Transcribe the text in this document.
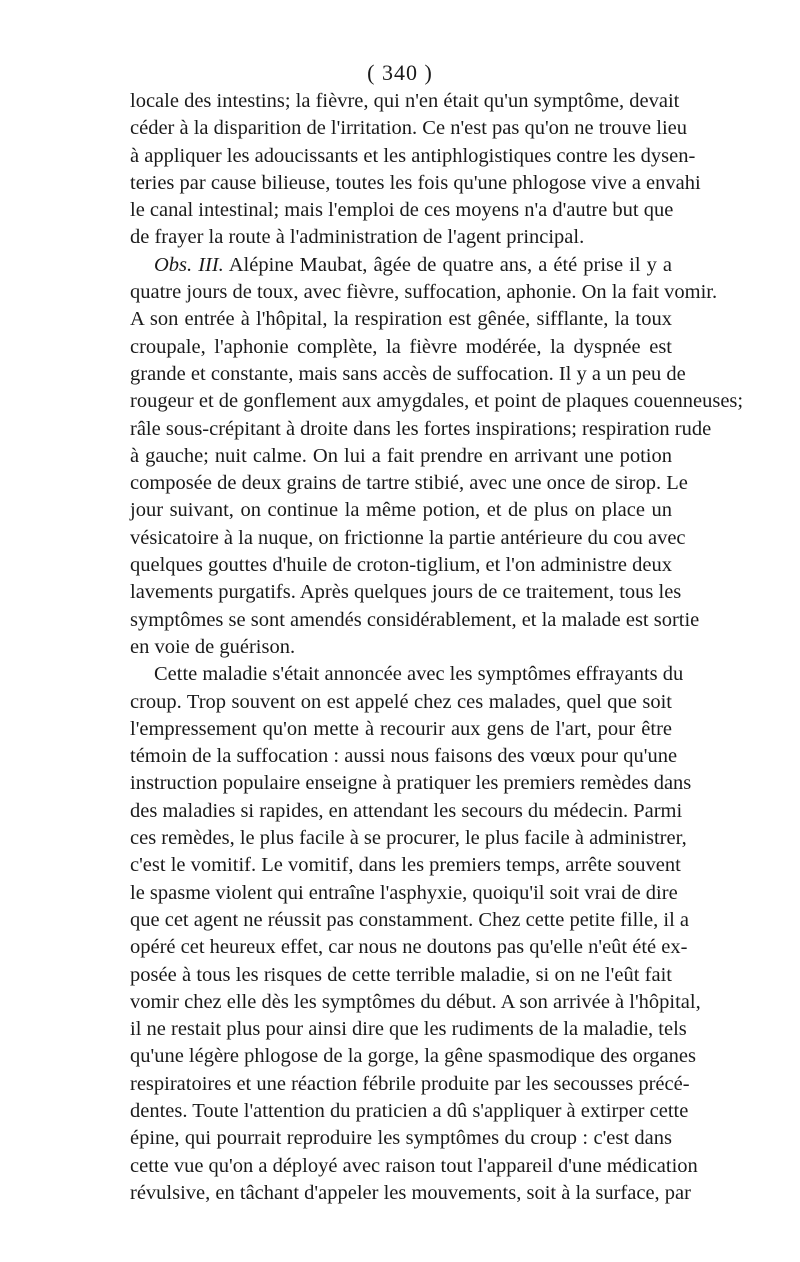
( 340 )
locale des intestins; la fièvre, qui n'en était qu'un symptôme, devait
céder à la disparition de l'irritation. Ce n'est pas qu'on ne trouve lieu
à appliquer les adoucissants et les antiphlogistiques contre les dysen-
teries par cause bilieuse, toutes les fois qu'une phlogose vive a envahi
le canal intestinal; mais l'emploi de ces moyens n'a d'autre but que
de frayer la route à l'administration de l'agent principal.
Obs. III. Alépine Maubat, âgée de quatre ans, a été prise il y a
quatre jours de toux, avec fièvre, suffocation, aphonie. On la fait vomir.
A son entrée à l'hôpital, la respiration est gênée, sifflante, la toux
croupale, l'aphonie complète, la fièvre modérée, la dyspnée est
grande et constante, mais sans accès de suffocation. Il y a un peu de
rougeur et de gonflement aux amygdales, et point de plaques couenneuses;
râle sous-crépitant à droite dans les fortes inspirations; respiration rude
à gauche; nuit calme. On lui a fait prendre en arrivant une potion
composée de deux grains de tartre stibié, avec une once de sirop. Le
jour suivant, on continue la même potion, et de plus on place un
vésicatoire à la nuque, on frictionne la partie antérieure du cou avec
quelques gouttes d'huile de croton-tiglium, et l'on administre deux
lavements purgatifs. Après quelques jours de ce traitement, tous les
symptômes se sont amendés considérablement, et la malade est sortie
en voie de guérison.
Cette maladie s'était annoncée avec les symptômes effrayants du
croup. Trop souvent on est appelé chez ces malades, quel que soit
l'empressement qu'on mette à recourir aux gens de l'art, pour être
témoin de la suffocation : aussi nous faisons des vœux pour qu'une
instruction populaire enseigne à pratiquer les premiers remèdes dans
des maladies si rapides, en attendant les secours du médecin. Parmi
ces remèdes, le plus facile à se procurer, le plus facile à administrer,
c'est le vomitif. Le vomitif, dans les premiers temps, arrête souvent
le spasme violent qui entraîne l'asphyxie, quoiqu'il soit vrai de dire
que cet agent ne réussit pas constamment. Chez cette petite fille, il a
opéré cet heureux effet, car nous ne doutons pas qu'elle n'eût été ex-
posée à tous les risques de cette terrible maladie, si on ne l'eût fait
vomir chez elle dès les symptômes du début. A son arrivée à l'hôpital,
il ne restait plus pour ainsi dire que les rudiments de la maladie, tels
qu'une légère phlogose de la gorge, la gêne spasmodique des organes
respiratoires et une réaction fébrile produite par les secousses précé-
dentes. Toute l'attention du praticien a dû s'appliquer à extirper cette
épine, qui pourrait reproduire les symptômes du croup : c'est dans
cette vue qu'on a déployé avec raison tout l'appareil d'une médication
révulsive, en tâchant d'appeler les mouvements, soit à la surface, par
